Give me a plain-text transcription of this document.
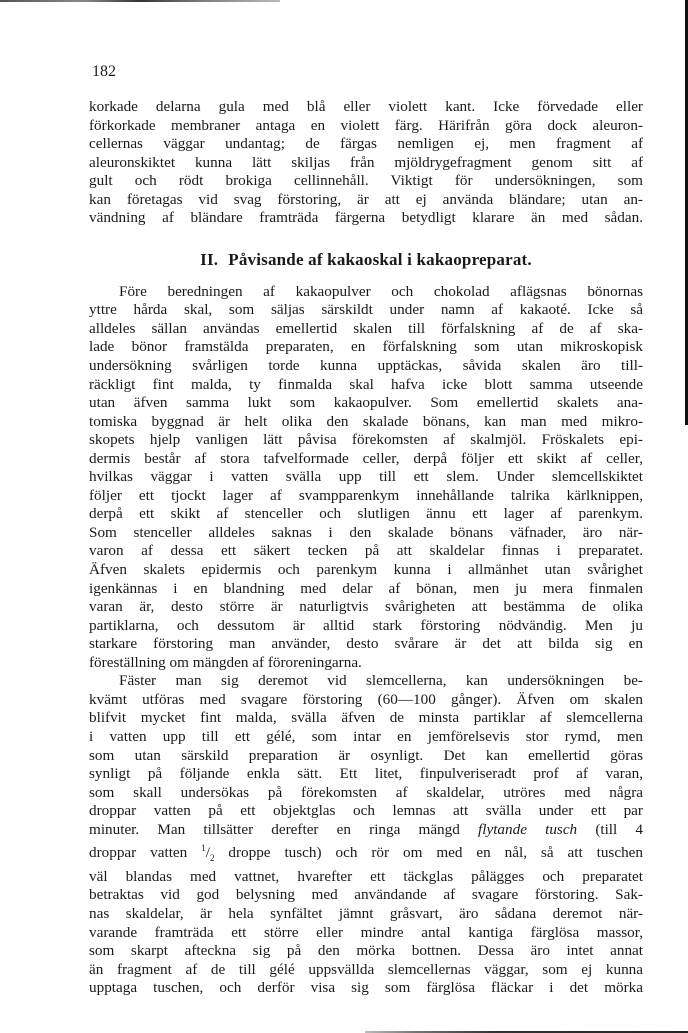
182

korkade delarna gula med blå eller violett kant. Icke förvedade eller
förkorkade membraner antaga en violett färg. Härifrån göra dock aleuron-
cellernas väggar undantag; de färgas nemligen ej, men fragment af
aleuronskiktet kunna lätt skiljas från mjöldrygefragment genom sitt af
gult och rödt brokiga cellinnehåll. Viktigt för undersökningen, som
kan företagas vid svag förstoring, är att ej använda bländare; utan an-
vändning af bländare framträda färgerna betydligt klarare än med sådan.

II. Påvisande af kakaoskal i kakaopreparat.

Före beredningen af kakaopulver och chokolad aflägsnas bönornas
yttre hårda skal, som säljas särskildt under namn af kakaoté. Icke så
alldeles sällan användas emellertid skalen till förfalskning af de af ska-
lade bönor framstälda preparaten, en förfalskning som utan mikroskopisk
undersökning svårligen torde kunna upptäckas, såvida skalen äro till-
räckligt fint malda, ty finmalda skal hafva icke blott samma utseende
utan äfven samma lukt som kakaopulver. Som emellertid skalets ana-
tomiska byggnad är helt olika den skalade bönans, kan man med mikro-
skopets hjelp vanligen lätt påvisa förekomsten af skalmjöl. Fröskalets epi-
dermis består af stora tafvelformade celler, derpå följer ett skikt af celler,
hvilkas väggar i vatten svälla upp till ett slem. Under slemcellskiktet
följer ett tjockt lager af svampparenkym innehållande talrika kärlknippen,
derpå ett skikt af stenceller och slutligen ännu ett lager af parenkym.
Som stenceller alldeles saknas i den skalade bönans väfnader, äro när-
varon af dessa ett säkert tecken på att skaldelar finnas i preparatet.
Äfven skalets epidermis och parenkym kunna i allmänhet utan svårighet
igenkännas i en blandning med delar af bönan, men ju mera finmalen
varan är, desto större är naturligtvis svårigheten att bestämma de olika
partiklarna, och dessutom är alltid stark förstoring nödvändig. Men ju
starkare förstoring man använder, desto svårare är det att bilda sig en
föreställning om mängden af föroreningarna.

Fäster man sig deremot vid slemcellerna, kan undersökningen be-
kvämt utföras med svagare förstoring (60—100 gånger). Äfven om skalen
blifvit mycket fint malda, svälla äfven de minsta partiklar af slemcellerna
i vatten upp till ett gélé, som intar en jemförelsevis stor rymd, men
som utan särskild preparation är osynligt. Det kan emellertid göras
synligt på följande enkla sätt. Ett litet, finpulveriseradt prof af varan,
som skall undersökas på förekomsten af skaldelar, utröres med några
droppar vatten på ett objektglas och lemnas att svälla under ett par
minuter. Man tillsätter derefter en ringa mängd flytande tusch (till 4
droppar vatten $^1/_2$ droppe tusch) och rör om med en nål, så att tuschen
väl blandas med vattnet, hvarefter ett täckglas pålägges och preparatet
betraktas vid god belysning med användande af svagare förstoring. Sak-
nas skaldelar, är hela synfältet jämnt gråsvart, äro sådana deremot när-
varande framträda ett större eller mindre antal kantiga färglösa massor,
som skarpt afteckna sig på den mörka bottnen. Dessa äro intet annat
än fragment af de till gélé uppsvällda slemcellernas väggar, som ej kunna
upptaga tuschen, och derför visa sig som färglösa fläckar i det mörka
